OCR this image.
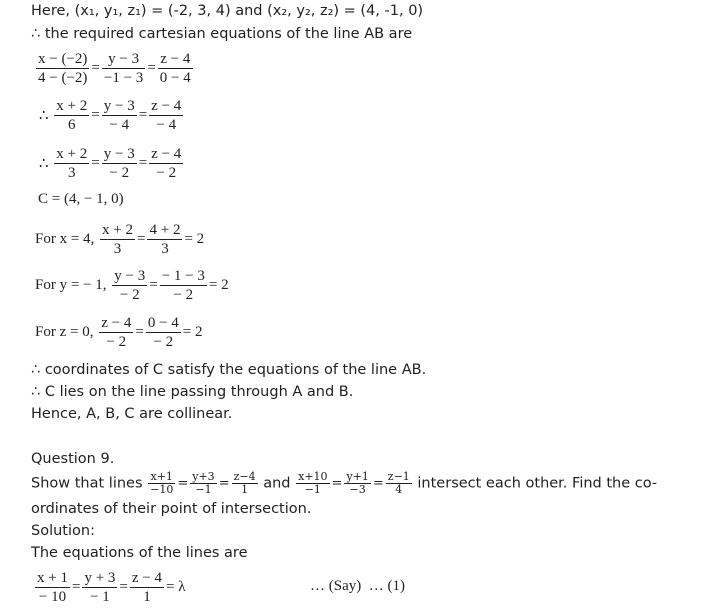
Here, (x₁, y₁, z₁) = (-2, 3, 4) and (x₂, y₂, z₂) = (4, -1, 0)
∴ the required cartesian equations of the line AB are
$\frac{x - (-2)}{4 - (-2)} = \frac{y - 3}{-1 - 3} = \frac{z - 4}{0 - 4}$
∴ $\frac{x + 2}{6} = \frac{y - 3}{- 4} = \frac{z - 4}{- 4}$
∴ $\frac{x + 2}{3} = \frac{y - 3}{- 2} = \frac{z - 4}{- 2}$
C = (4, − 1, 0)
For x = 4, $\frac{x + 2}{3} = \frac{4 + 2}{3} = 2$
For y = − 1, $\frac{y - 3}{- 2} = \frac{- 1 - 3}{- 2} = 2$
For z = 0, $\frac{z - 4}{- 2} = \frac{0 - 4}{- 2} = 2$
∴ coordinates of C satisfy the equations of the line AB.
∴ C lies on the line passing through A and B.
Hence, A, B, C are collinear.
Question 9.
Show that lines $\frac{x+1}{-10} = \frac{y+3}{-1} = \frac{z-4}{1}$ and $\frac{x+10}{-1} = \frac{y+1}{-3} = \frac{z-1}{4}$ intersect each other. Find the co-
ordinates of their point of intersection.
Solution:
The equations of the lines are
$\frac{x + 1}{- 10} = \frac{y + 3}{- 1} = \frac{z - 4}{1} = \lambda$	… (Say) … (1)
